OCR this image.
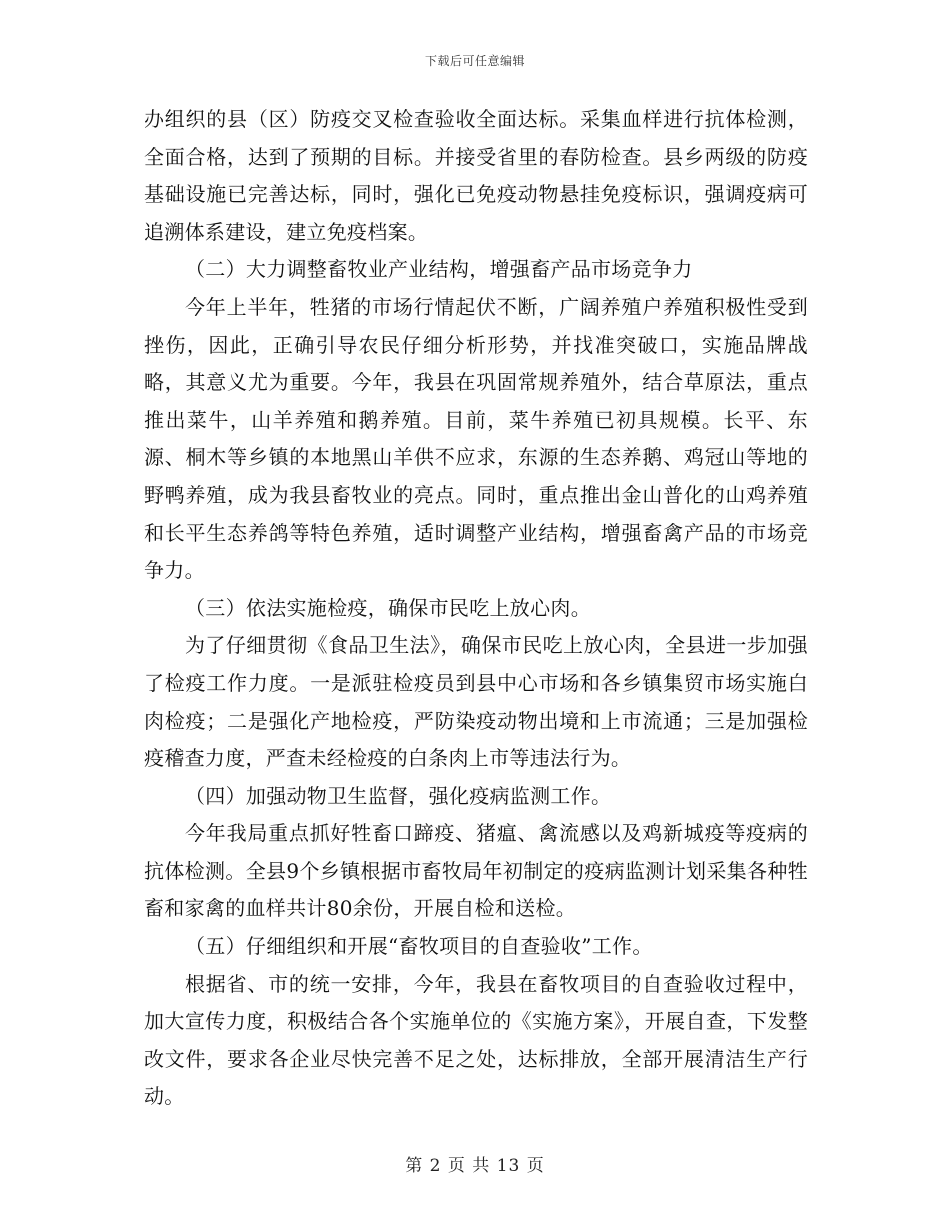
下载后可任意编辑

办组织的县（区）防疫交叉检查验收全面达标。采集血样进行抗体检测，全面合格，达到了预期的目标。并接受省里的春防检查。县乡两级的防疫基础设施已完善达标，同时，强化已免疫动物悬挂免疫标识，强调疫病可追溯体系建设，建立免疫档案。

（二）大力调整畜牧业产业结构，增强畜产品市场竞争力

今年上半年，牲猪的市场行情起伏不断，广阔养殖户养殖积极性受到挫伤，因此，正确引导农民仔细分析形势，并找准突破口，实施品牌战略，其意义尤为重要。今年，我县在巩固常规养殖外，结合草原法，重点推出菜牛，山羊养殖和鹅养殖。目前，菜牛养殖已初具规模。长平、东源、桐木等乡镇的本地黑山羊供不应求，东源的生态养鹅、鸡冠山等地的野鸭养殖，成为我县畜牧业的亮点。同时，重点推出金山普化的山鸡养殖和长平生态养鸽等特色养殖，适时调整产业结构，增强畜禽产品的市场竞争力。

（三）依法实施检疫，确保市民吃上放心肉。

为了仔细贯彻《食品卫生法》，确保市民吃上放心肉，全县进一步加强了检疫工作力度。一是派驻检疫员到县中心市场和各乡镇集贸市场实施白肉检疫；二是强化产地检疫，严防染疫动物出境和上市流通；三是加强检疫稽查力度，严查未经检疫的白条肉上市等违法行为。

（四）加强动物卫生监督，强化疫病监测工作。

今年我局重点抓好牲畜口蹄疫、猪瘟、禽流感以及鸡新城疫等疫病的抗体检测。全县9个乡镇根据市畜牧局年初制定的疫病监测计划采集各种牲畜和家禽的血样共计80余份，开展自检和送检。

（五）仔细组织和开展“畜牧项目的自查验收”工作。

根据省、市的统一安排，今年，我县在畜牧项目的自查验收过程中，加大宣传力度，积极结合各个实施单位的《实施方案》，开展自查，下发整改文件，要求各企业尽快完善不足之处，达标排放，全部开展清洁生产行动。

第 2 页 共 13 页
